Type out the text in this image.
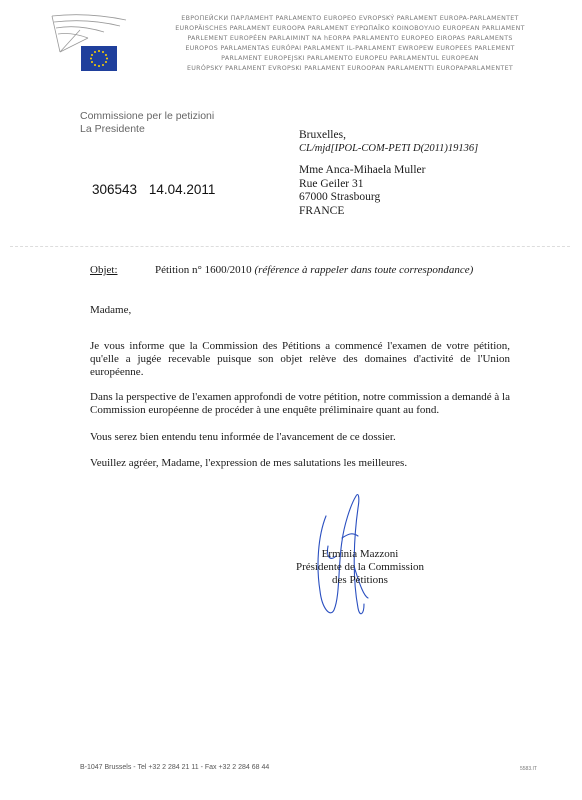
ЕВРОПЕЙСКИ ПАРЛАМЕНТ PARLAMENTO EUROPEO EVROPSKÝ PARLAMENT EUROPA-PARLAMENTET
EUROPÄISCHES PARLAMENT EUROOPA PARLAMENT ΕΥΡΩΠΑΪΚΟ ΚΟΙΝΟΒΟΥΛΙΟ EUROPEAN PARLIAMENT
PARLEMENT EUROPÉEN PARLAIMINT NA hEORPA PARLAMENTO EUROPEO EIROPAS PARLAMENTS
EUROPOS PARLAMENTAS EURÓPAI PARLAMENT IL-PARLAMENT EWROPEW EUROPEES PARLEMENT
PARLAMENT EUROPEJSKI PARLAMENTO EUROPEU PARLAMENTUL EUROPEAN
EURÓPSKY PARLAMENT EVROPSKI PARLAMENT EUROOPAN PARLAMENTTI EUROPAPARLAMENTET
Commissione per le petizioni
La Presidente	Bruxelles,
CL/mjd[IPOL-COM-PETI D(2011)19136]
306543 14.04.2011
Mme Anca-Mihaela Muller
Rue Geiler 31
67000 Strasbourg
FRANCE
Objet:	Pétition n° 1600/2010 (référence à rappeler dans toute correspondance)
Madame,
Je vous informe que la Commission des Pétitions a commencé l'examen de votre pétition, qu'elle a jugée recevable puisque son objet relève des domaines d'activité de l'Union européenne.
Dans la perspective de l'examen approfondi de votre pétition, notre commission a demandé à la Commission européenne de procéder à une enquête préliminaire quant au fond.
Vous serez bien entendu tenu informée de l'avancement de ce dossier.
Veuillez agréer, Madame, l'expression de mes salutations les meilleures.
Erminia Mazzoni
Présidente de la Commission
des Pétitions
B-1047 Brussels - Tel +32 2 284 21 11 - Fax +32 2 284 68 44	5583.IT
